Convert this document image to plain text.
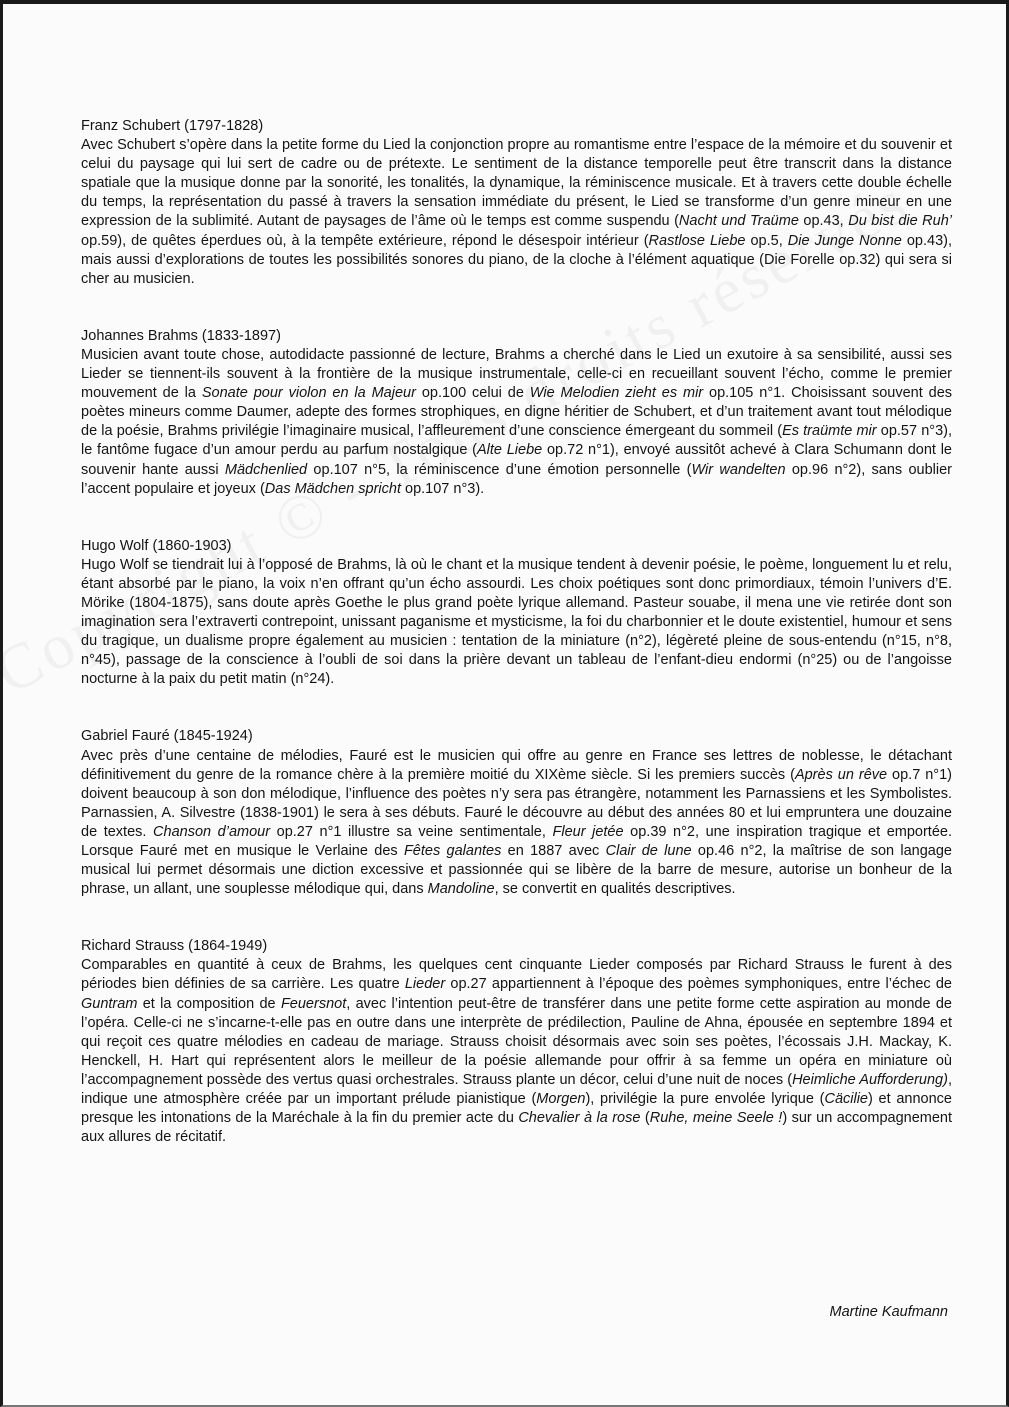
Franz Schubert (1797-1828)

Avec Schubert s’opère dans la petite forme du Lied la conjonction propre au romantisme entre l’espace de la mémoire et du souvenir et celui du paysage qui lui sert de cadre ou de prétexte. Le sentiment de la distance temporelle peut être transcrit dans la distance spatiale que la musique donne par la sonorité, les tonalités, la dynamique, la réminiscence musicale. Et à travers cette double échelle du temps, la représentation du passé à travers la sensation immédiate du présent, le Lied se transforme d’un genre mineur en une expression de la sublimité. Autant de paysages de l’âme où le temps est comme suspendu (Nacht und Traüme op.43, Du bist die Ruh’ op.59), de quêtes éperdues où, à la tempête extérieure, répond le désespoir intérieur (Rastlose Liebe op.5, Die Junge Nonne op.43), mais aussi d’explorations de toutes les possibilités sonores du piano, de la cloche à l’élément aquatique (Die Forelle op.32) qui sera si cher au musicien.

Johannes Brahms (1833-1897)

Musicien avant toute chose, autodidacte passionné de lecture, Brahms a cherché dans le Lied un exutoire à sa sensibilité, aussi ses Lieder se tiennent-ils souvent à la frontière de la musique instrumentale, celle-ci en recueillant souvent l’écho, comme le premier mouvement de la Sonate pour violon en la Majeur op.100 celui de Wie Melodien zieht es mir op.105 n°1. Choisissant souvent des poètes mineurs comme Daumer, adepte des formes strophiques, en digne héritier de Schubert, et d’un traitement avant tout mélodique de la poésie, Brahms privilégie l’imaginaire musical, l’affleurement d’une conscience émergeant du sommeil (Es traümte mir op.57 n°3), le fantôme fugace d’un amour perdu au parfum nostalgique (Alte Liebe op.72 n°1), envoyé aussitôt achevé à Clara Schumann dont le souvenir hante aussi Mädchenlied op.107 n°5, la réminiscence d’une émotion personnelle (Wir wandelten op.96 n°2), sans oublier l’accent populaire et joyeux (Das Mädchen spricht op.107 n°3).

Hugo Wolf (1860-1903)

Hugo Wolf se tiendrait lui à l’opposé de Brahms, là où le chant et la musique tendent à devenir poésie, le poème, longuement lu et relu, étant absorbé par le piano, la voix n’en offrant qu’un écho assourdi. Les choix poétiques sont donc primordiaux, témoin l’univers d’E. Mörike (1804-1875), sans doute après Goethe le plus grand poète lyrique allemand. Pasteur souabe, il mena une vie retirée dont son imagination sera l’extraverti contrepoint, unissant paganisme et mysticisme, la foi du charbonnier et le doute existentiel, humour et sens du tragique, un dualisme propre également au musicien : tentation de la miniature (n°2), légèreté pleine de sous-entendu (n°15, n°8, n°45), passage de la conscience à l’oubli de soi dans la prière devant un tableau de l’enfant-dieu endormi (n°25) ou de l’angoisse nocturne à la paix du petit matin (n°24).

Gabriel Fauré (1845-1924)

Avec près d’une centaine de mélodies, Fauré est le musicien qui offre au genre en France ses lettres de noblesse, le détachant définitivement du genre de la romance chère à la première moitié du XIXème siècle. Si les premiers succès (Après un rêve op.7 n°1) doivent beaucoup à son don mélodique, l’influence des poètes n’y sera pas étrangère, notamment les Parnassiens et les Symbolistes. Parnassien, A. Silvestre (1838-1901) le sera à ses débuts. Fauré le découvre au début des années 80 et lui empruntera une douzaine de textes. Chanson d’amour op.27 n°1 illustre sa veine sentimentale, Fleur jetée op.39 n°2, une inspiration tragique et emportée. Lorsque Fauré met en musique le Verlaine des Fêtes galantes en 1887 avec Clair de lune op.46 n°2, la maîtrise de son langage musical lui permet désormais une diction excessive et passionnée qui se libère de la barre de mesure, autorise un bonheur de la phrase, un allant, une souplesse mélodique qui, dans Mandoline, se convertit en qualités descriptives.

Richard Strauss (1864-1949)

Comparables en quantité à ceux de Brahms, les quelques cent cinquante Lieder composés par Richard Strauss le furent à des périodes bien définies de sa carrière. Les quatre Lieder op.27 appartiennent à l’époque des poèmes symphoniques, entre l’échec de Guntram et la composition de Feuersnot, avec l’intention peut-être de transférer dans une petite forme cette aspiration au monde de l’opéra. Celle-ci ne s’incarne-t-elle pas en outre dans une interprète de prédilection, Pauline de Ahna, épousée en septembre 1894 et qui reçoit ces quatre mélodies en cadeau de mariage. Strauss choisit désormais avec soin ses poètes, l’écossais J.H. Mackay, K. Henckell, H. Hart qui représentent alors le meilleur de la poésie allemande pour offrir à sa femme un opéra en miniature où l’accompagnement possède des vertus quasi orchestrales. Strauss plante un décor, celui d’une nuit de noces (Heimliche Aufforderung), indique une atmosphère créée par un important prélude pianistique (Morgen), privilégie la pure envolée lyrique (Cäcilie) et annonce presque les intonations de la Maréchale à la fin du premier acte du Chevalier à la rose (Ruhe, meine Seele !) sur un accompagnement aux allures de récitatif.

Martine Kaufmann
